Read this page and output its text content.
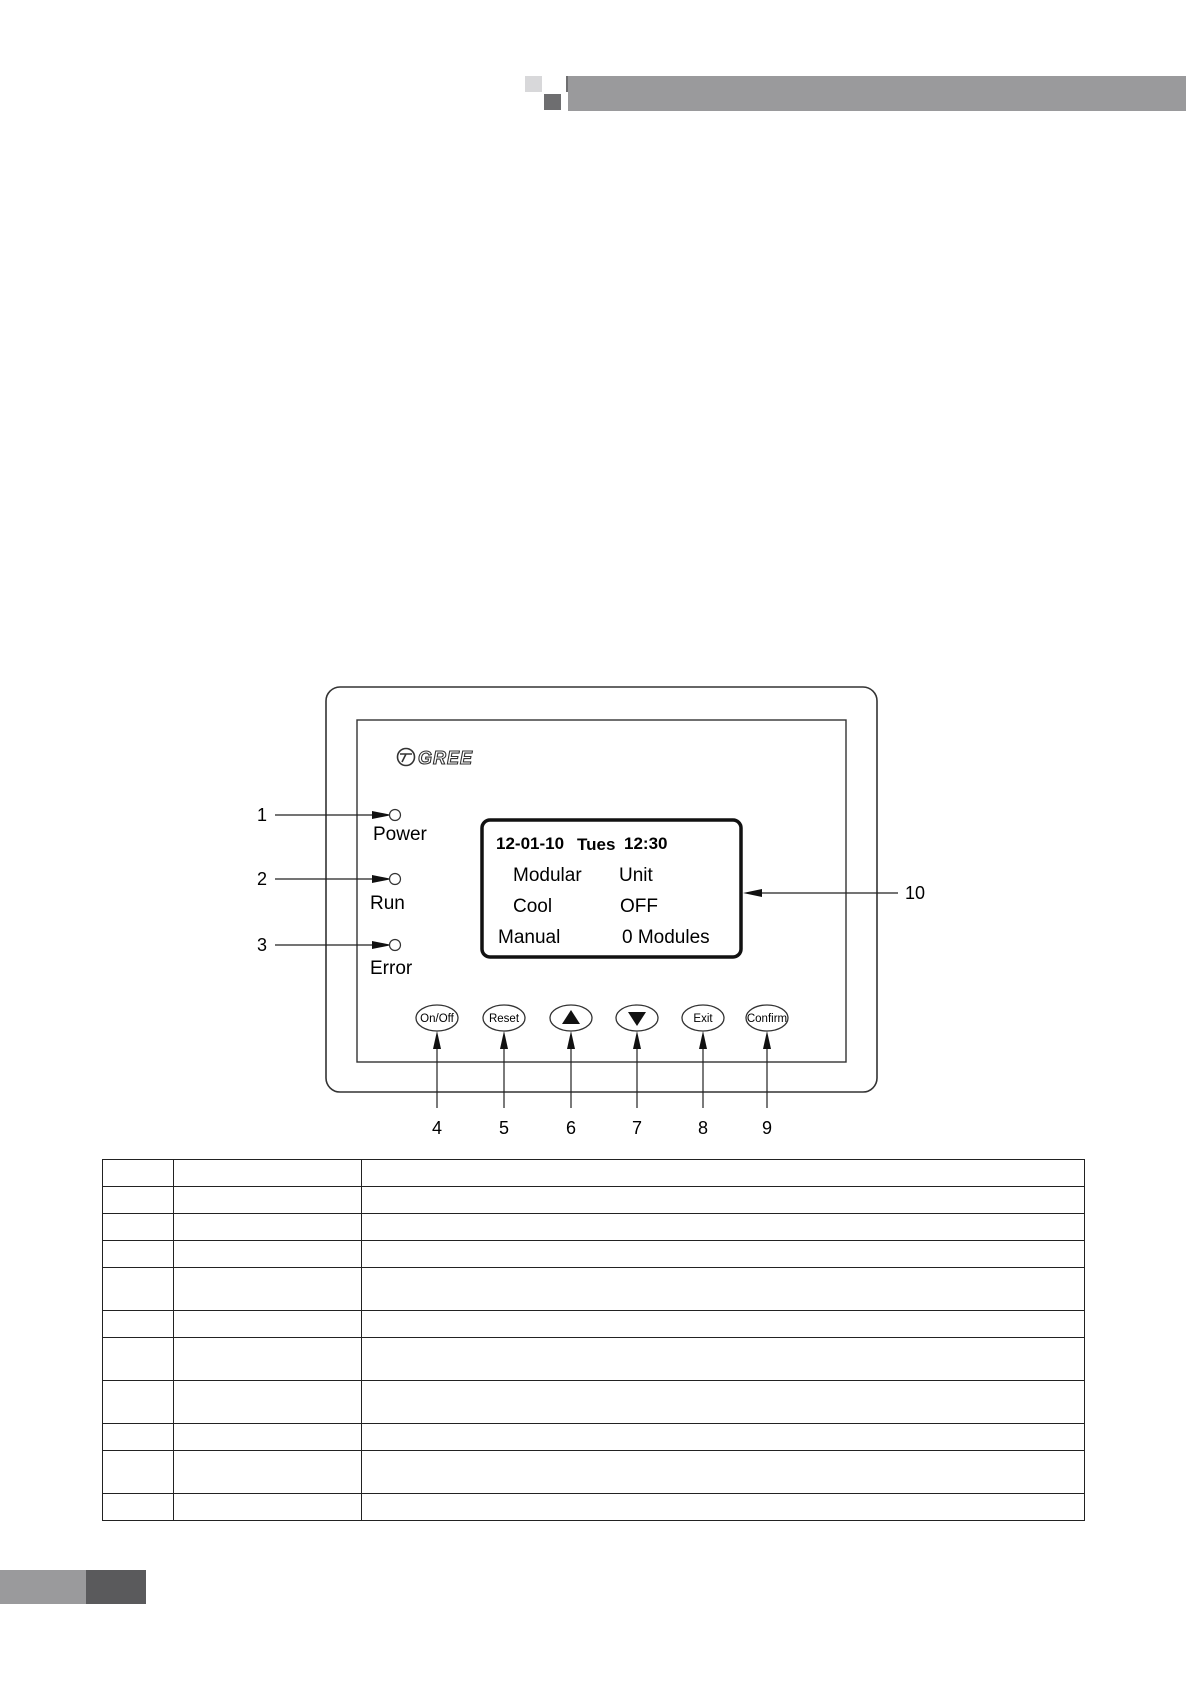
GREE
1
Power
2
Run
3
Error
12-01-10 Tues 12:30
Modular Unit
Cool	OFF
Manual	0 Modules
10
On/Off
4
Reset
5	6	7
Exit
8
Confirm
9
